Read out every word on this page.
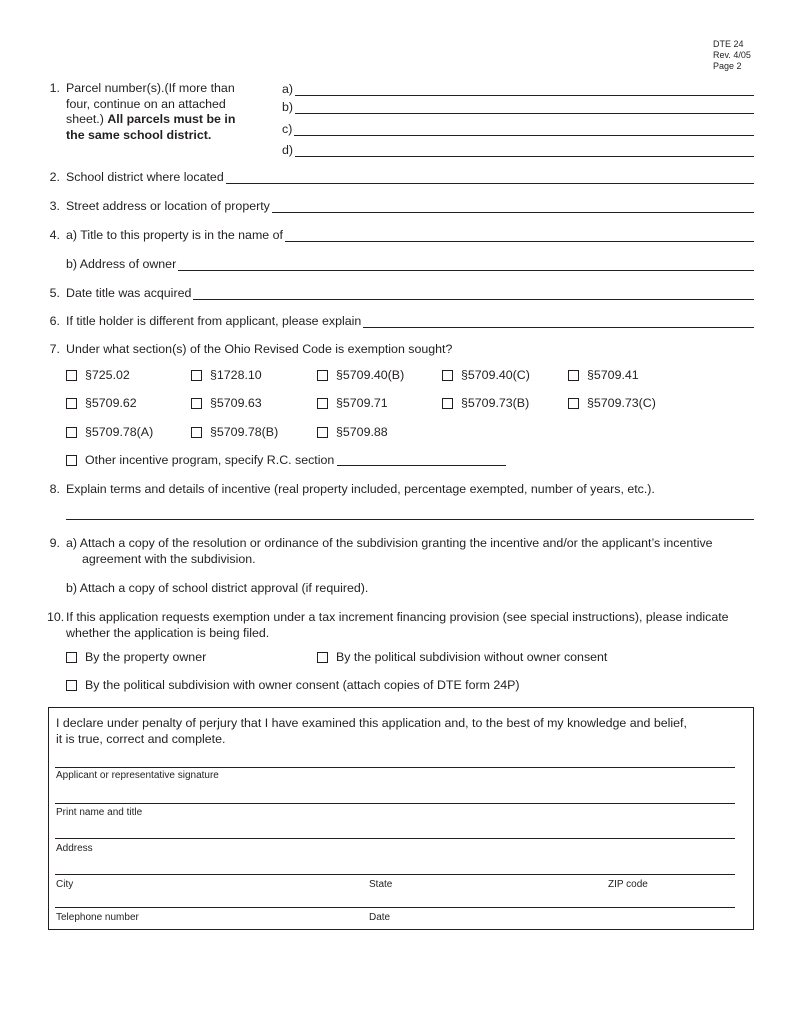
DTE 24
Rev. 4/05
Page 2
1. Parcel number(s).(If more than
four, continue on an attached
sheet.) All parcels must be in
the same school district.
a)
b)
c)
d)
2. School district where located
3. Street address or location of property
4. a) Title to this property is in the name of
b) Address of owner
5. Date title was acquired
6. If title holder is different from applicant, please explain
7. Under what section(s) of the Ohio Revised Code is exemption sought?
§725.02	§1728.10	§5709.40(B)	§5709.40(C)	§5709.41
§5709.62	§5709.63	§5709.71	§5709.73(B)	§5709.73(C)
§5709.78(A)	§5709.78(B)	§5709.88
Other incentive program, specify R.C. section
8. Explain terms and details of incentive (real property included, percentage exempted, number of years, etc.).
9. a) Attach a copy of the resolution or ordinance of the subdivision granting the incentive and/or the applicant’s incentive
agreement with the subdivision.
b) Attach a copy of school district approval (if required).
10. If this application requests exemption under a tax increment financing provision (see special instructions), please indicate
whether the application is being filed.
By the property owner	By the political subdivision without owner consent
By the political subdivision with owner consent (attach copies of DTE form 24P)
I declare under penalty of perjury that I have examined this application and, to the best of my knowledge and belief,
it is true, correct and complete.
Applicant or representative signature
Print name and title
Address
City	State	ZIP code
Telephone number	Date
